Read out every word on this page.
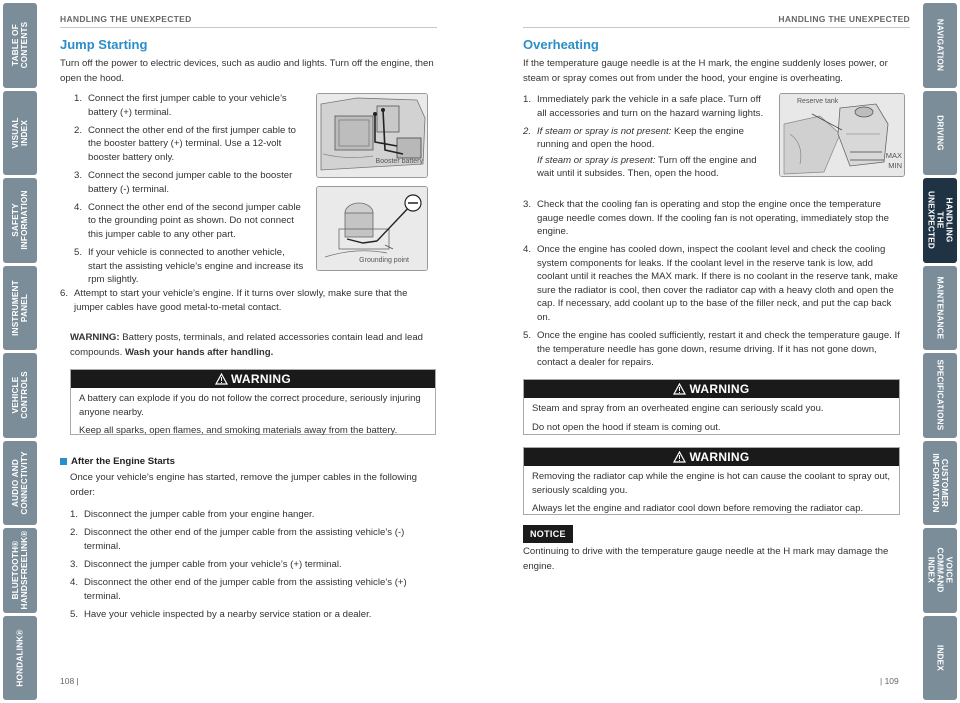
TABLE OF CONTENTS
VISUAL INDEX
SAFETY
INFORMATION
INSTRUMENT PANEL
VEHICLE
CONTROLS
AUDIO AND
CONNECTIVITY
BLUETOOTH®
HANDSFREELINK®
HONDALINK®
NAVIGATION
DRIVING
HANDLING THE
UNEXPECTED
MAINTENANCE
SPECIFICATIONS
CUSTOMER
INFORMATION
VOICE COMMAND
INDEX
INDEX
HANDLING THE UNEXPECTED	HANDLING THE UNEXPECTED
Jump Starting
Turn off the power to electric devices, such as audio and lights. Turn off the engine, then open the hood.
1. Connect the first jumper cable to your vehicle’s battery (+) terminal.
2. Connect the other end of the first jumper cable to the booster battery (+) terminal. Use a 12-volt booster battery only.
3. Connect the second jumper cable to the booster battery (-) terminal.
4. Connect the other end of the second jumper cable to the grounding point as shown. Do not connect this jumper cable to any other part.
5. If your vehicle is connected to another vehicle, start the assisting vehicle’s engine and increase its rpm slightly.
6. Attempt to start your vehicle’s engine. If it turns over slowly, make sure that the jumper cables have good metal-to-metal contact.
Booster battery
Grounding point
WARNING: Battery posts, terminals, and related accessories contain lead and lead compounds. Wash your hands after handling.
WARNING

A battery can explode if you do not follow the correct procedure, seriously injuring anyone nearby.

Keep all sparks, open flames, and smoking materials away from the battery.

After the Engine Starts
Once your vehicle’s engine has started, remove the jumper cables in the following order:
1. Disconnect the jumper cable from your engine hanger.
2. Disconnect the other end of the jumper cable from the assisting vehicle’s (-) terminal.
3. Disconnect the jumper cable from your vehicle’s (+) terminal.
4. Disconnect the other end of the jumper cable from the assisting vehicle’s (+) terminal.
5. Have your vehicle inspected by a nearby service station or a dealer.
108 |
Overheating
If the temperature gauge needle is at the H mark, the engine suddenly loses power, or steam or spray comes out from under the hood, your engine is overheating.
1. Immediately park the vehicle in a safe place. Turn off all accessories and turn on the hazard warning lights.
2. If steam or spray is not present: Keep the engine running and open the hood.
If steam or spray is present: Turn off the engine and wait until it subsides. Then, open the hood.
3. Check that the cooling fan is operating and stop the engine once the temperature gauge needle comes down. If the cooling fan is not operating, immediately stop the engine.
4. Once the engine has cooled down, inspect the coolant level and check the cooling system components for leaks. If the coolant level in the reserve tank is low, add coolant until it reaches the MAX mark. If there is no coolant in the reserve tank, make sure the radiator is cool, then cover the radiator cap with a heavy cloth and open the cap. If necessary, add coolant up to the base of the filler neck, and put the cap back on.
5. Once the engine has cooled sufficiently, restart it and check the temperature gauge. If the temperature needle has gone down, resume driving. If it has not gone down, contact a dealer for repairs.
Reserve tank
MAX
MIN
WARNING

Steam and spray from an overheated engine can seriously scald you.

Do not open the hood if steam is coming out.

WARNING

Removing the radiator cap while the engine is hot can cause the coolant to spray out, seriously scalding you.

Always let the engine and radiator cool down before removing the radiator cap.

NOTICE
Continuing to drive with the temperature gauge needle at the H mark may damage the engine.
| 109
